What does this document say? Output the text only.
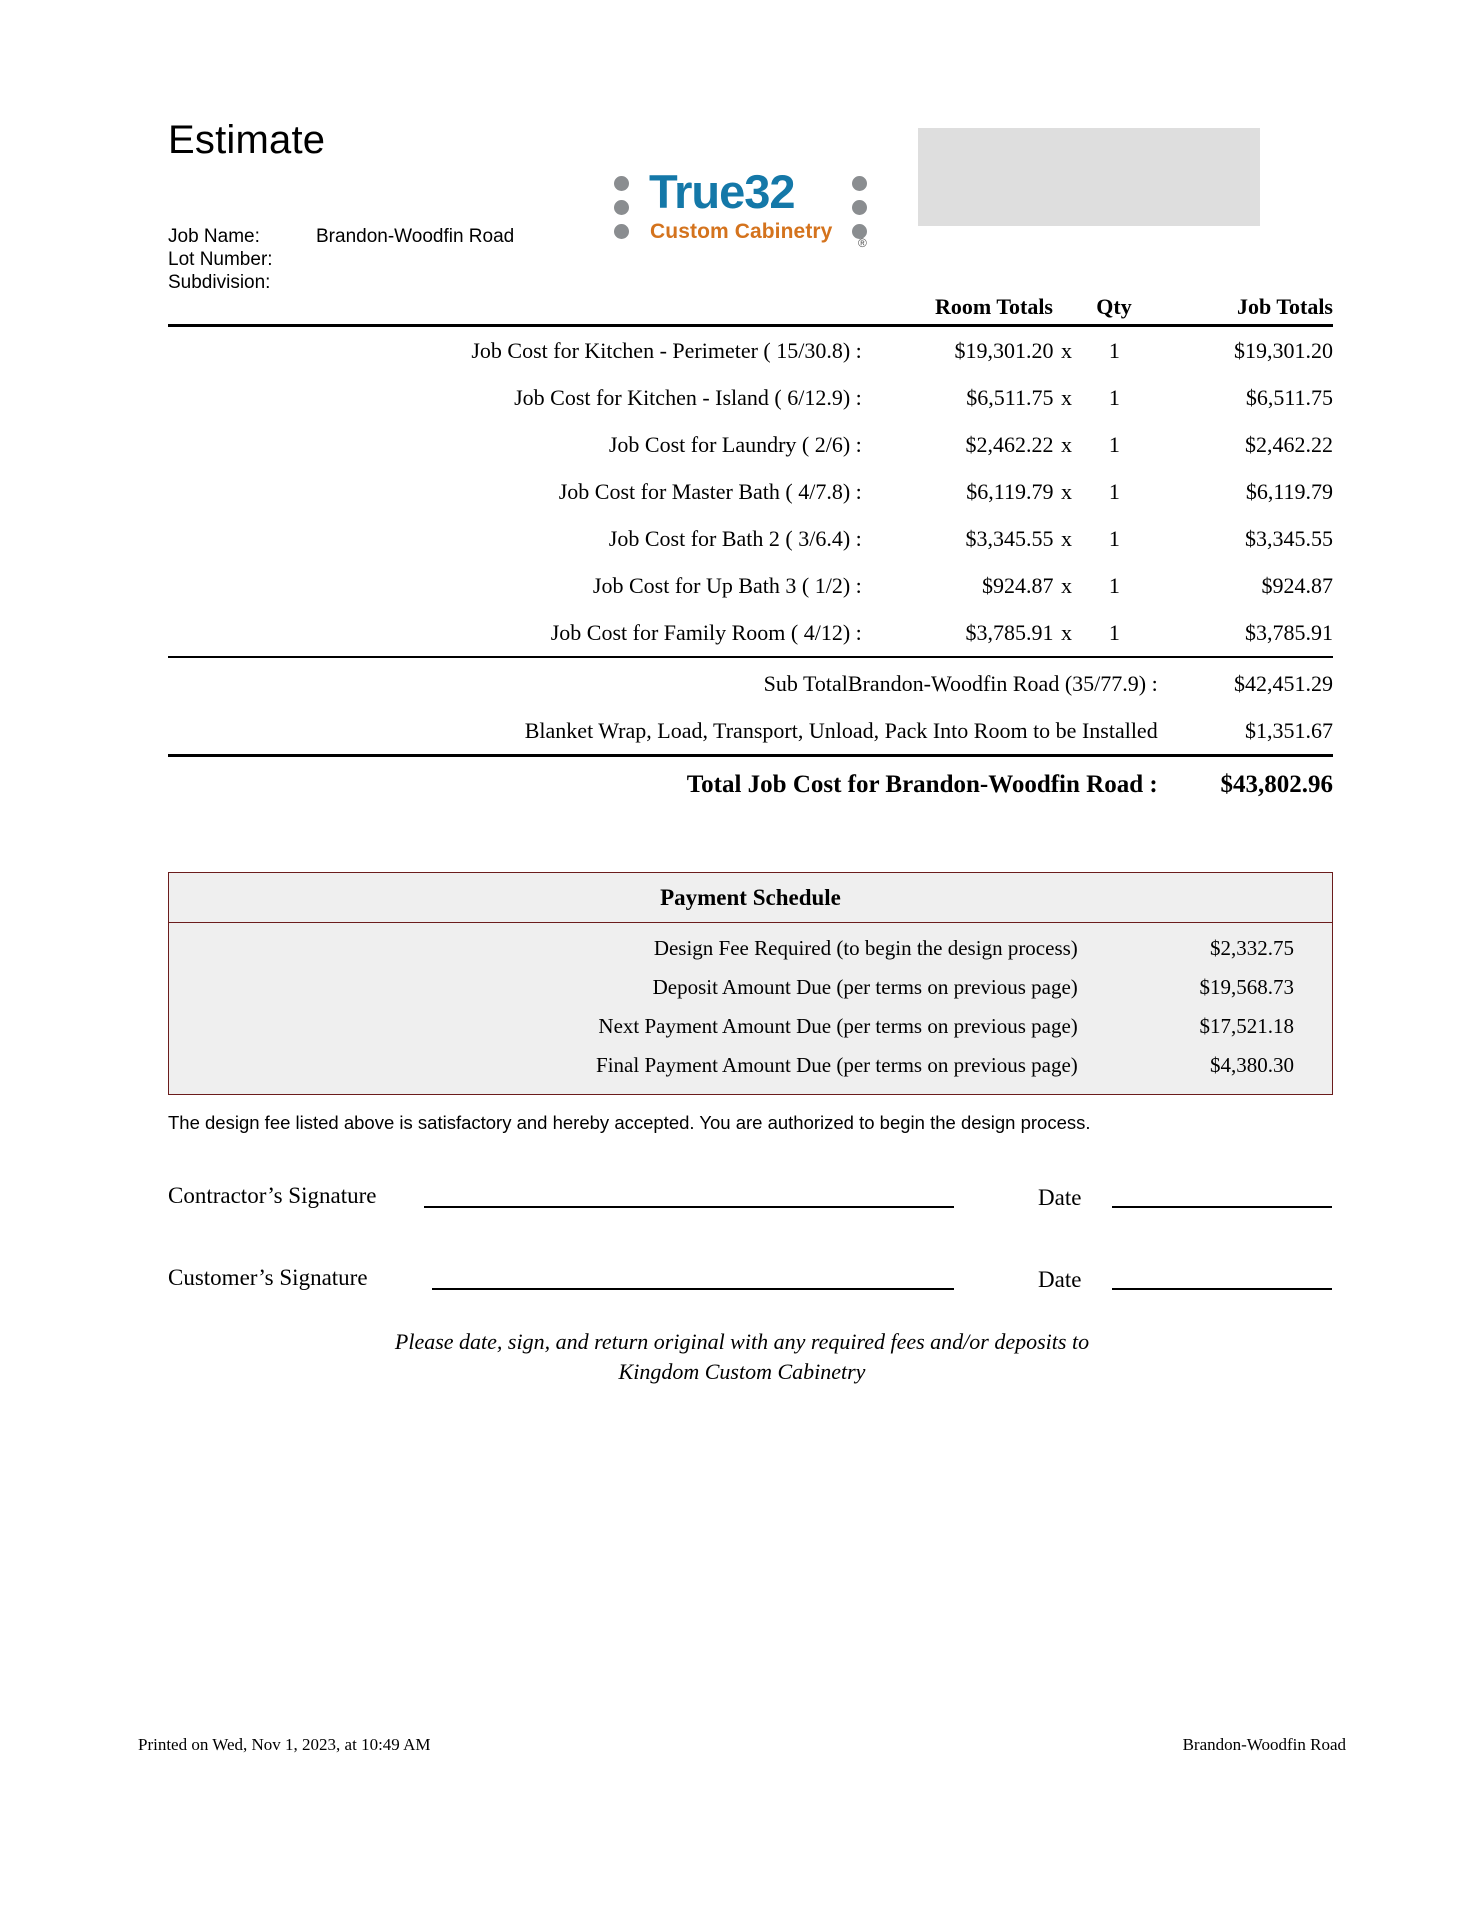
Estimate
Job Name:	Brandon-Woodfin Road
Lot Number:
Subdivision:
True32
Custom Cabinetry ®
Room Totals	Qty	Job Totals
Job Cost for Kitchen - Perimeter ( 15/30.8) :	$19,301.20 x	1	$19,301.20
Job Cost for Kitchen - Island ( 6/12.9) :	$6,511.75 x	1	$6,511.75
Job Cost for Laundry ( 2/6) :	$2,462.22 x	1	$2,462.22
Job Cost for Master Bath ( 4/7.8) :	$6,119.79 x	1	$6,119.79
Job Cost for Bath 2 ( 3/6.4) :	$3,345.55 x	1	$3,345.55
Job Cost for Up Bath 3 ( 1/2) :	$924.87 x	1	$924.87
Job Cost for Family Room ( 4/12) :	$3,785.91 x	1	$3,785.91
Sub TotalBrandon-Woodfin Road (35/77.9) :	$42,451.29
Blanket Wrap, Load, Transport, Unload, Pack Into Room to be Installed	$1,351.67
Total Job Cost for Brandon-Woodfin Road :	$43,802.96
Payment Schedule
Design Fee Required (to begin the design process)	$2,332.75
Deposit Amount Due (per terms on previous page)	$19,568.73
Next Payment Amount Due (per terms on previous page)	$17,521.18
Final Payment Amount Due (per terms on previous page)	$4,380.30
The design fee listed above is satisfactory and hereby accepted. You are authorized to begin the design process.
Contractor’s Signature	Date
Customer’s Signature	Date
Please date, sign, and return original with any required fees and/or deposits to
Kingdom Custom Cabinetry
Printed on Wed, Nov 1, 2023, at 10:49 AM	Brandon-Woodfin Road
